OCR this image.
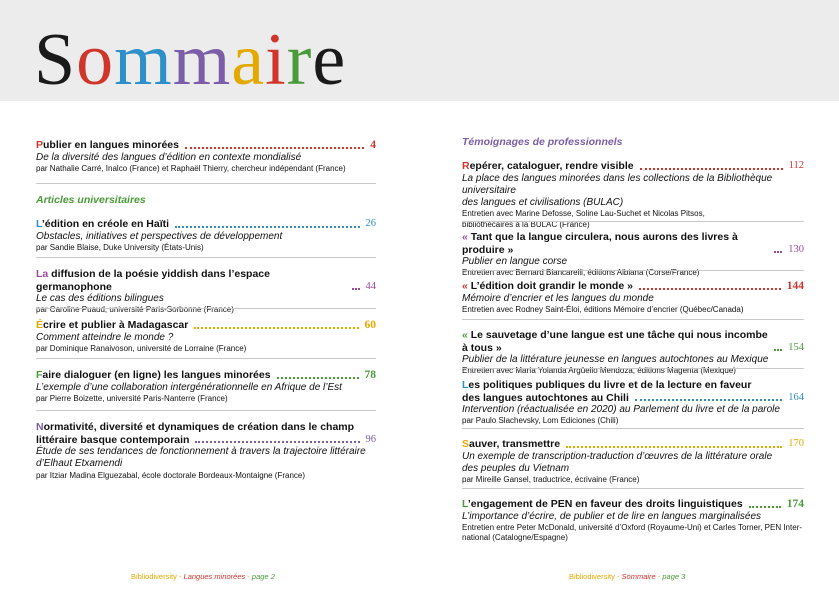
Sommaire
Publier en langues minorées	4
De la diversité des langues d’édition en contexte mondialisé
par Nathalie Carré, Inalco (France) et Raphaël Thierry, chercheur indépendant (France)
Articles universitaires
L’édition en créole en Haïti	26
Obstacles, initiatives et perspectives de développement
par Sandie Blaise, Duke University (États-Unis)
La diffusion de la poésie yiddish dans l’espace germanophone	44
Le cas des éditions bilingues
par Caroline Puaud, université Paris-Sorbonne (France)
Écrire et publier à Madagascar	60
Comment atteindre le monde ?
par Dominique Ranaivoson, université de Lorraine (France)
Faire dialoguer (en ligne) les langues minorées	78
L’exemple d’une collaboration intergénérationnelle en Afrique de l’Est
par Pierre Boizette, université Paris-Nanterre (France)
Normativité, diversité et dynamiques de création dans le champ
littéraire basque contemporain	96
Étude de ses tendances de fonctionnement à travers la trajectoire littéraire
d’Elhaut Etxamendi
par Itziar Madina Elguezabal, école doctorale Bordeaux-Montaigne (France)
Témoignages de professionnels
Repérer, cataloguer, rendre visible	112
La place des langues minorées dans les collections de la Bibliothèque universitaire
des langues et civilisations (BULAC)
Entretien avec Marine Defosse, Soline Lau-Suchet et Nicolas Pitsos,
bibliothécaires à la BULAC (France)
« Tant que la langue circulera, nous aurons des livres à produire »	130
Publier en langue corse
Entretien avec Bernard Biancarelli, éditions Albiana (Corse/France)
« L’édition doit grandir le monde »	144
Mémoire d’encrier et les langues du monde
Entretien avec Rodney Saint-Éloi, éditions Mémoire d’encrier (Québec/Canada)
« Le sauvetage d’une langue est une tâche qui nous incombe à tous »	154
Publier de la littérature jeunesse en langues autochtones au Mexique
Entretien avec María Yolanda Argüello Mendoza, éditions Magenta (Mexique)
Les politiques publiques du livre et de la lecture en faveur
des langues autochtones au Chili	164
Intervention (réactualisée en 2020) au Parlement du livre et de la parole
par Paulo Slachevsky, Lom Ediciones (Chili)
Sauver, transmettre	170
Un exemple de transcription-traduction d’œuvres de la littérature orale
des peuples du Vietnam
par Mireille Gansel, traductrice, écrivaine (France)
L’engagement de PEN en faveur des droits linguistiques	174
L’importance d’écrire, de publier et de lire en langues marginalisées
Entretien entre Peter McDonald, université d’Oxford (Royaume-Uni) et Carles Torner, PEN Inter-
national (Catalogne/Espagne)
Bibliodiversity - Langues minorées - page 2	Bibliodiversity - Sommaire - page 3
